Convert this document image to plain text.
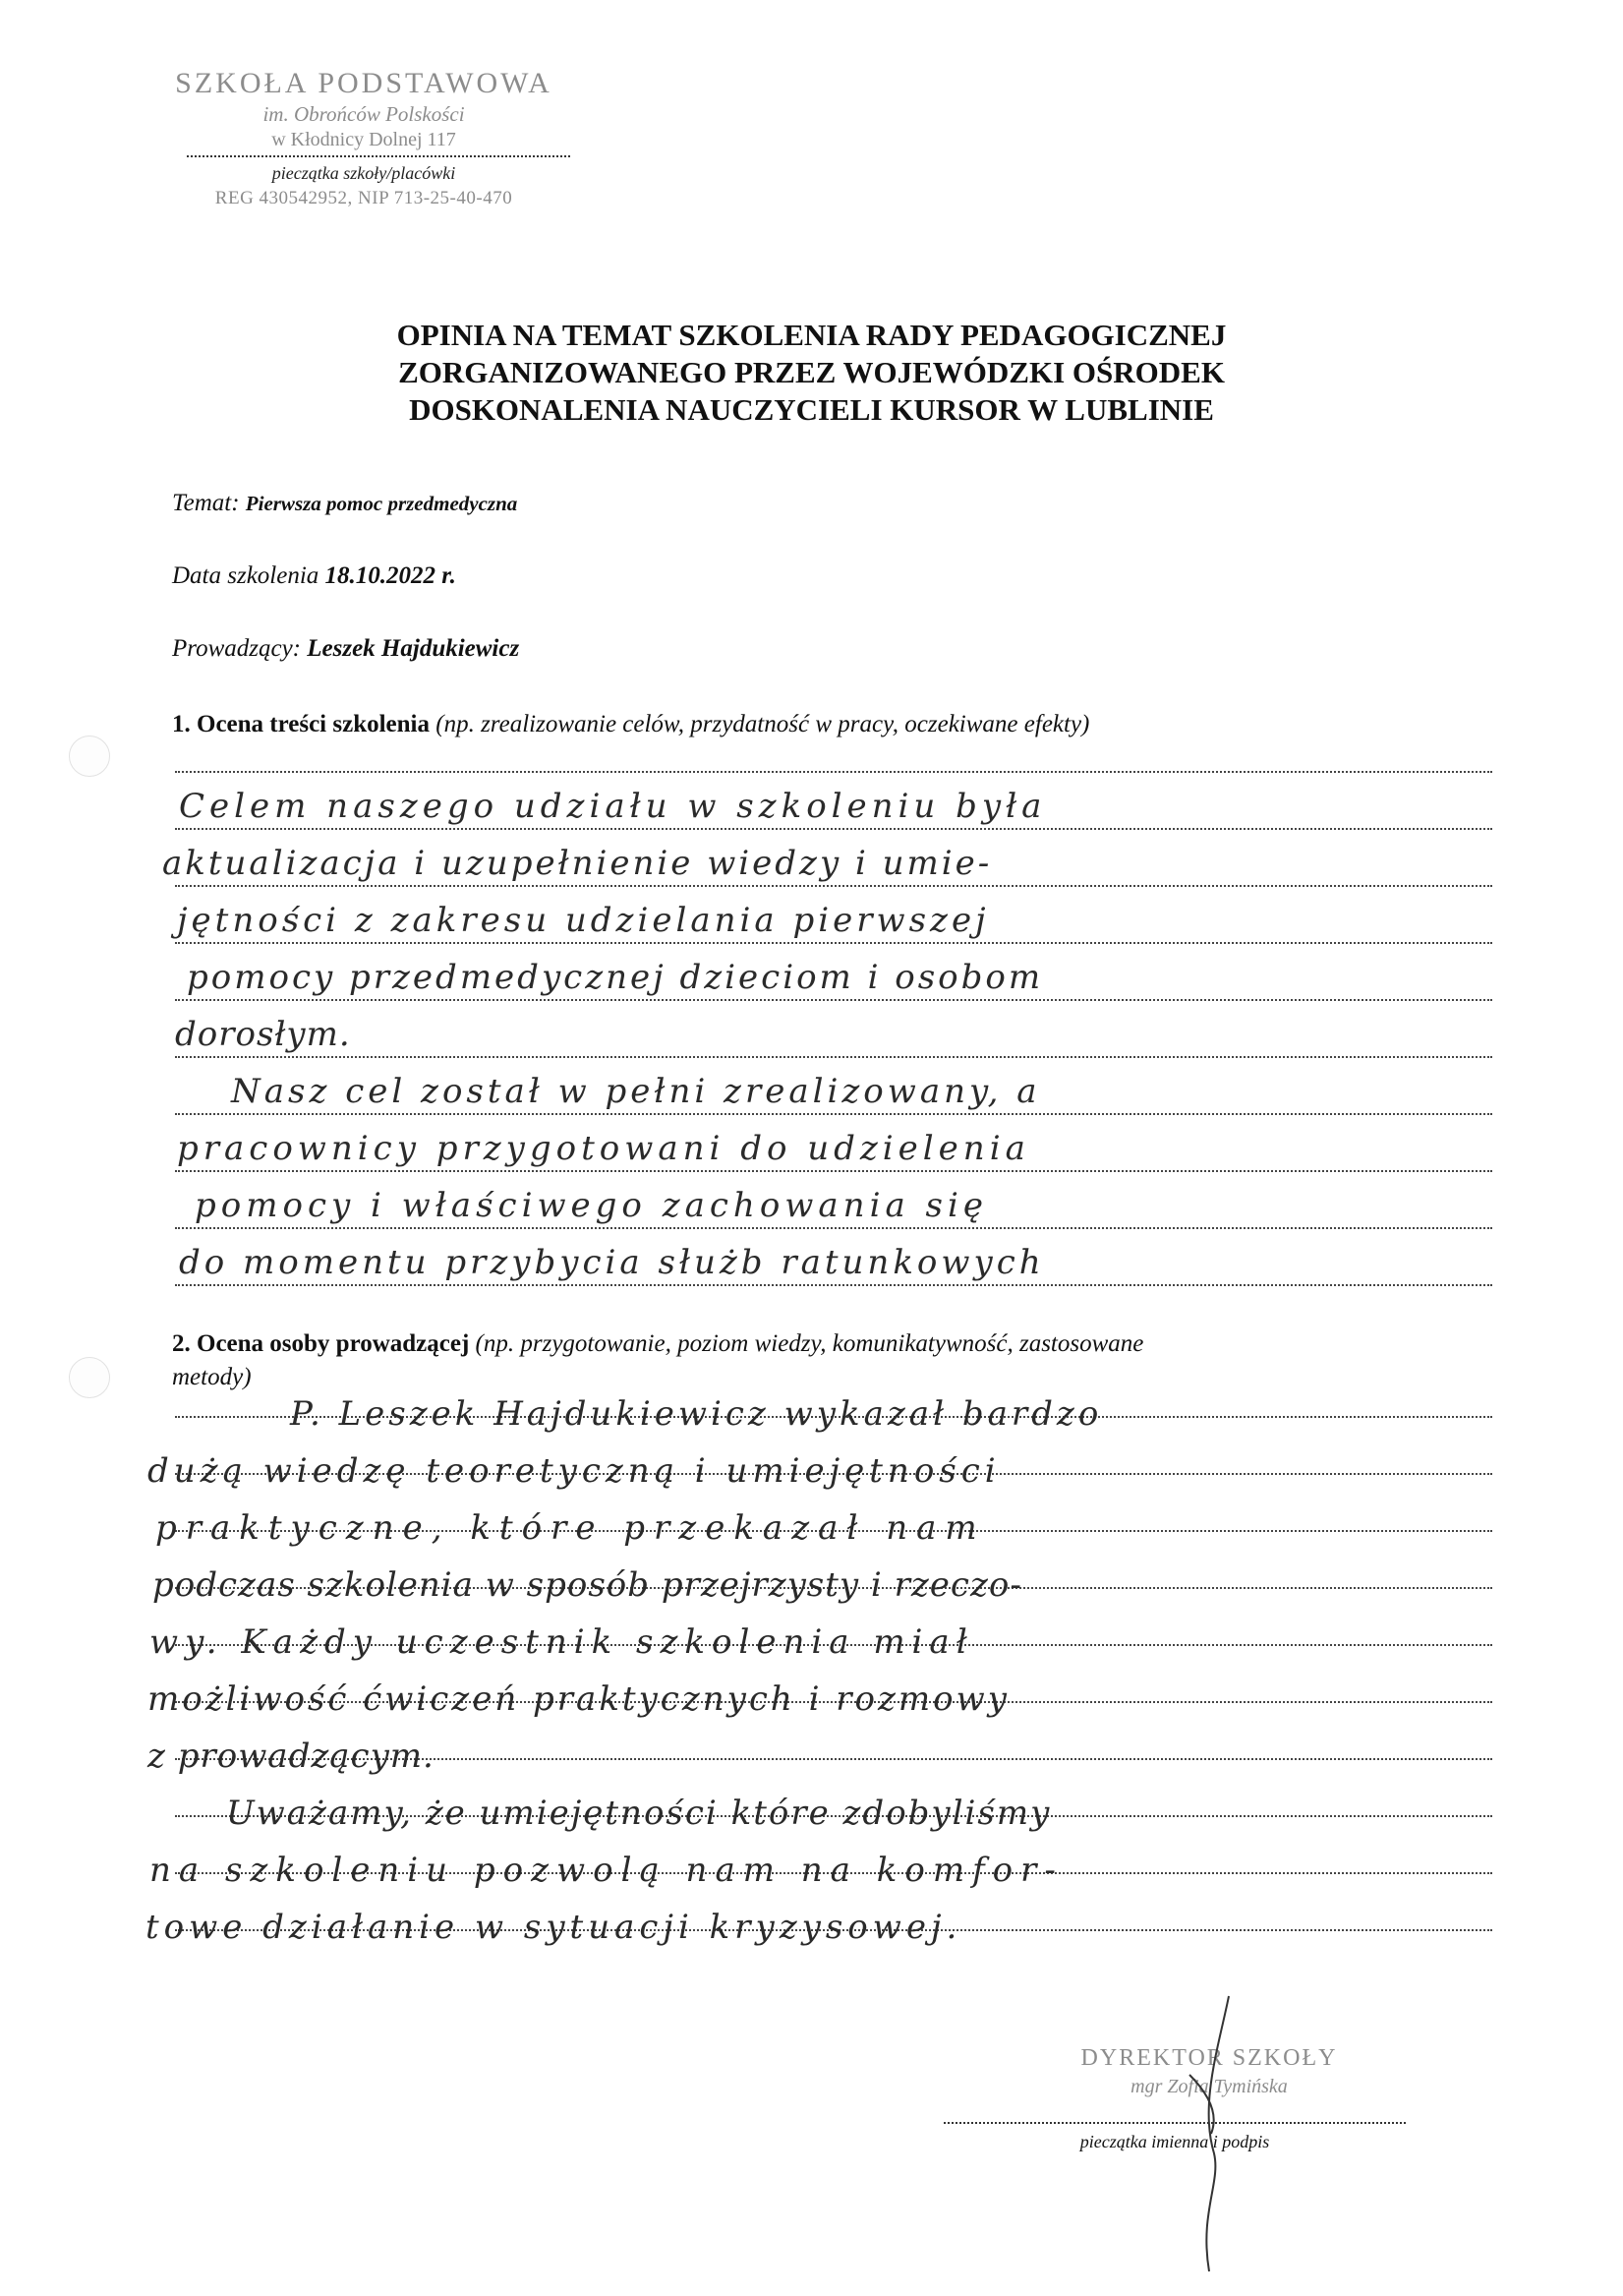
SZKOŁA PODSTAWOWA
im. Obrońców Polskości
w Kłodnicy Dolnej 117
pieczątka szkoły/placówki
REG 430542952, NIP 713-25-40-470
OPINIA NA TEMAT SZKOLENIA RADY PEDAGOGICZNEJ
ZORGANIZOWANEGO PRZEZ WOJEWÓDZKI OŚRODEK
DOSKONALENIA NAUCZYCIELI KURSOR W LUBLINIE
Temat: Pierwsza pomoc przedmedyczna
Data szkolenia 18.10.2022 r.
Prowadzący: Leszek Hajdukiewicz
1. Ocena treści szkolenia (np. zrealizowanie celów, przydatność w pracy, oczekiwane efekty)
Celem naszego udziału w szkoleniu była
aktualizacja i uzupełnienie wiedzy i umie-
jętności z zakresu udzielania pierwszej
pomocy przedmedycznej dzieciom i osobom
dorosłym.
Nasz cel został w pełni zrealizowany, a
pracownicy przygotowani do udzielenia
pomocy i właściwego zachowania się
do momentu przybycia służb ratunkowych
2. Ocena osoby prowadzącej (np. przygotowanie, poziom wiedzy, komunikatywność, zastosowane
metody)
P. Leszek Hajdukiewicz wykazał bardzo
dużą wiedzę teoretyczną i umiejętności
praktyczne, które przekazał nam
podczas szkolenia w sposób przejrzysty i rzeczo-
wy. Każdy uczestnik szkolenia miał
możliwość ćwiczeń praktycznych i rozmowy
z prowadzącym.
Uważamy, że umiejętności które zdobyliśmy
na szkoleniu pozwolą nam na komfor-
towe działanie w sytuacji kryzysowej.
DYREKTOR SZKOŁY
mgr Zofia Tymińska
pieczątka imienna i podpis
